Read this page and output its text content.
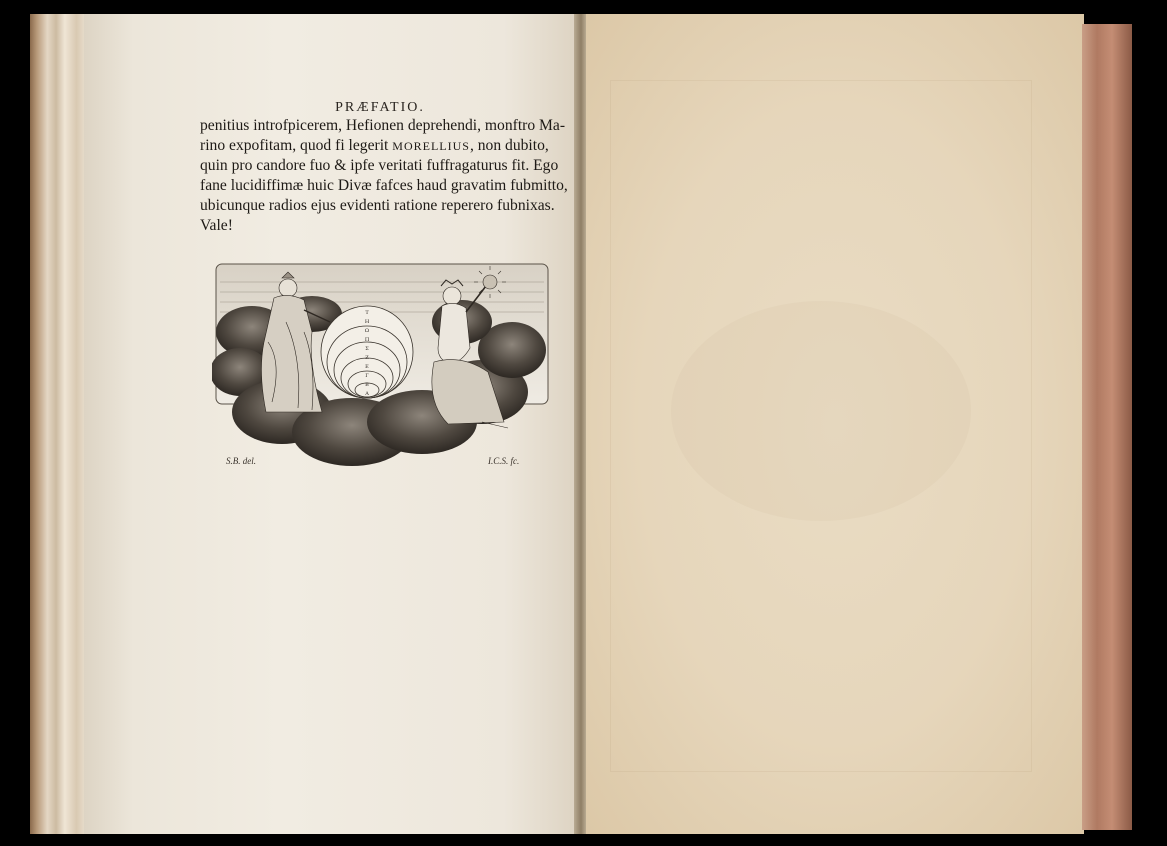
PRÆFATIO.
penitius introfpicerem, Hefionen deprehendi, monftro Ma-
rino expofitam, quod fi legerit MORELLIUS, non dubito,
quin pro candore fuo & ipfe veritati fuffragaturus fit. Ego
fane lucidiffimæ huic Divæ fafces haud gravatim fubmitto,
ubicunque radios ejus evidenti ratione reperero fubnixas.
Vale!
T
H
Ω
Π
Σ
Z
Ε
Γ
Β
A
S.B. del.	I.C.S. fc.
